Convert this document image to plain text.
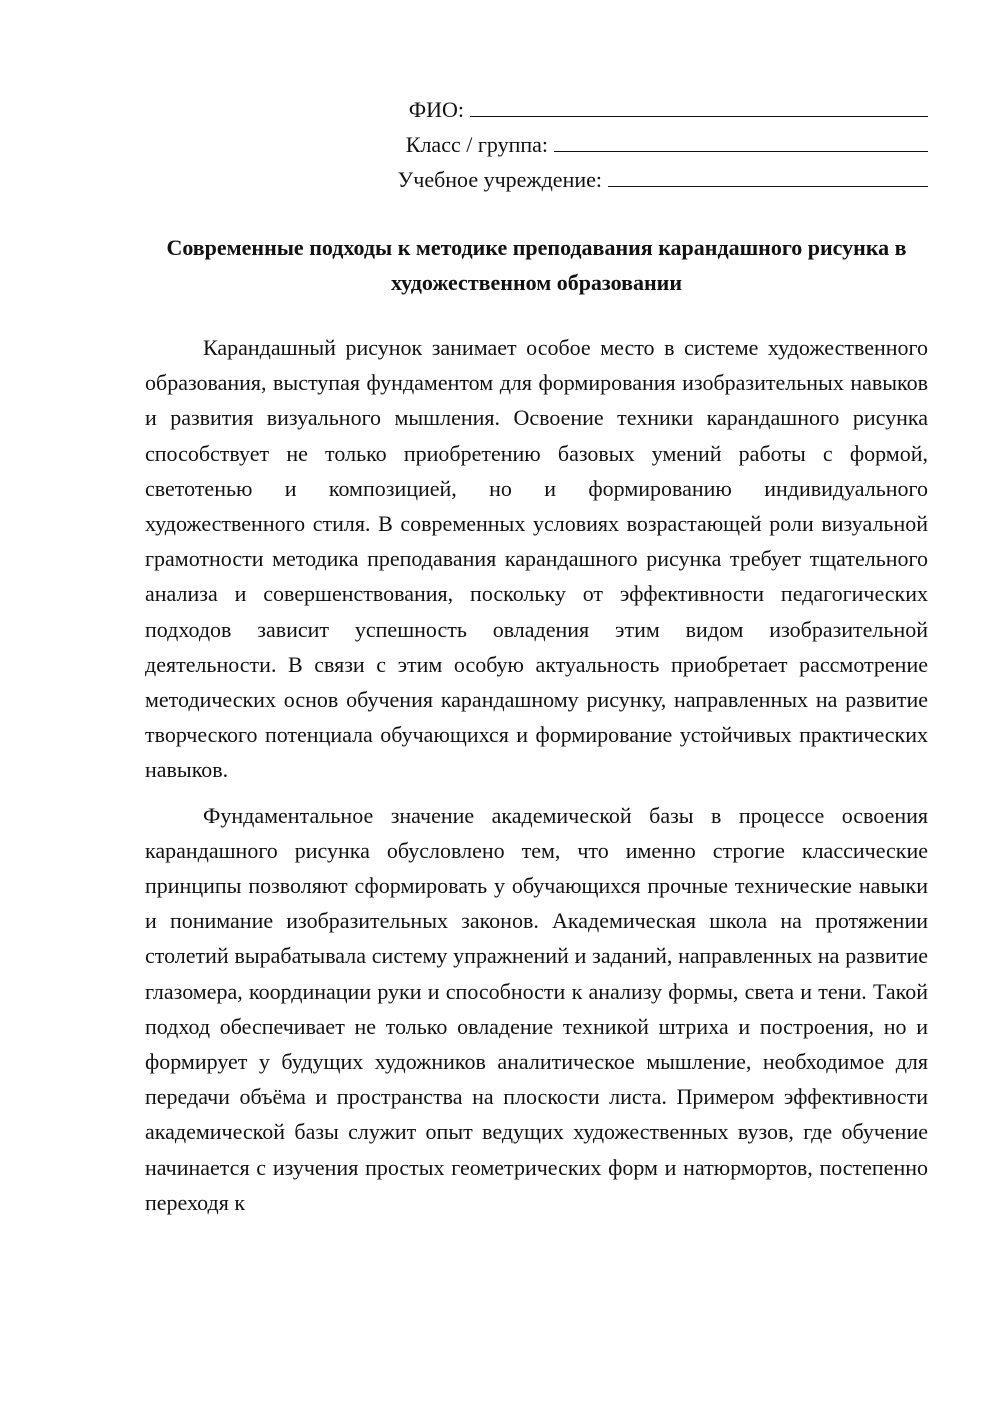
ФИО:
Класс / группа:
Учебное учреждение:
Современные подходы к методике преподавания карандашного рисунка в художественном образовании

Карандашный рисунок занимает особое место в системе художественного образования, выступая фундаментом для формирования изобразительных навыков и развития визуального мышления. Освоение техники карандашного рисунка способствует не только приобретению базовых умений работы с формой, светотенью и композицией, но и формированию индивидуального художественного стиля. В современных условиях возрастающей роли визуальной грамотности методика преподавания карандашного рисунка требует тщательного анализа и совершенствования, поскольку от эффективности педагогических подходов зависит успешность овладения этим видом изобразительной деятельности. В связи с этим особую актуальность приобретает рассмотрение методических основ обучения карандашному рисунку, направленных на развитие творческого потенциала обучающихся и формирование устойчивых практических навыков.

Фундаментальное значение академической базы в процессе освоения карандашного рисунка обусловлено тем, что именно строгие классические принципы позволяют сформировать у обучающихся прочные технические навыки и понимание изобразительных законов. Академическая школа на протяжении столетий вырабатывала систему упражнений и заданий, направленных на развитие глазомера, координации руки и способности к анализу формы, света и тени. Такой подход обеспечивает не только овладение техникой штриха и построения, но и формирует у будущих художников аналитическое мышление, необходимое для передачи объёма и пространства на плоскости листа. Примером эффективности академической базы служит опыт ведущих художественных вузов, где обучение начинается с изучения простых геометрических форм и натюрмортов, постепенно переходя к
